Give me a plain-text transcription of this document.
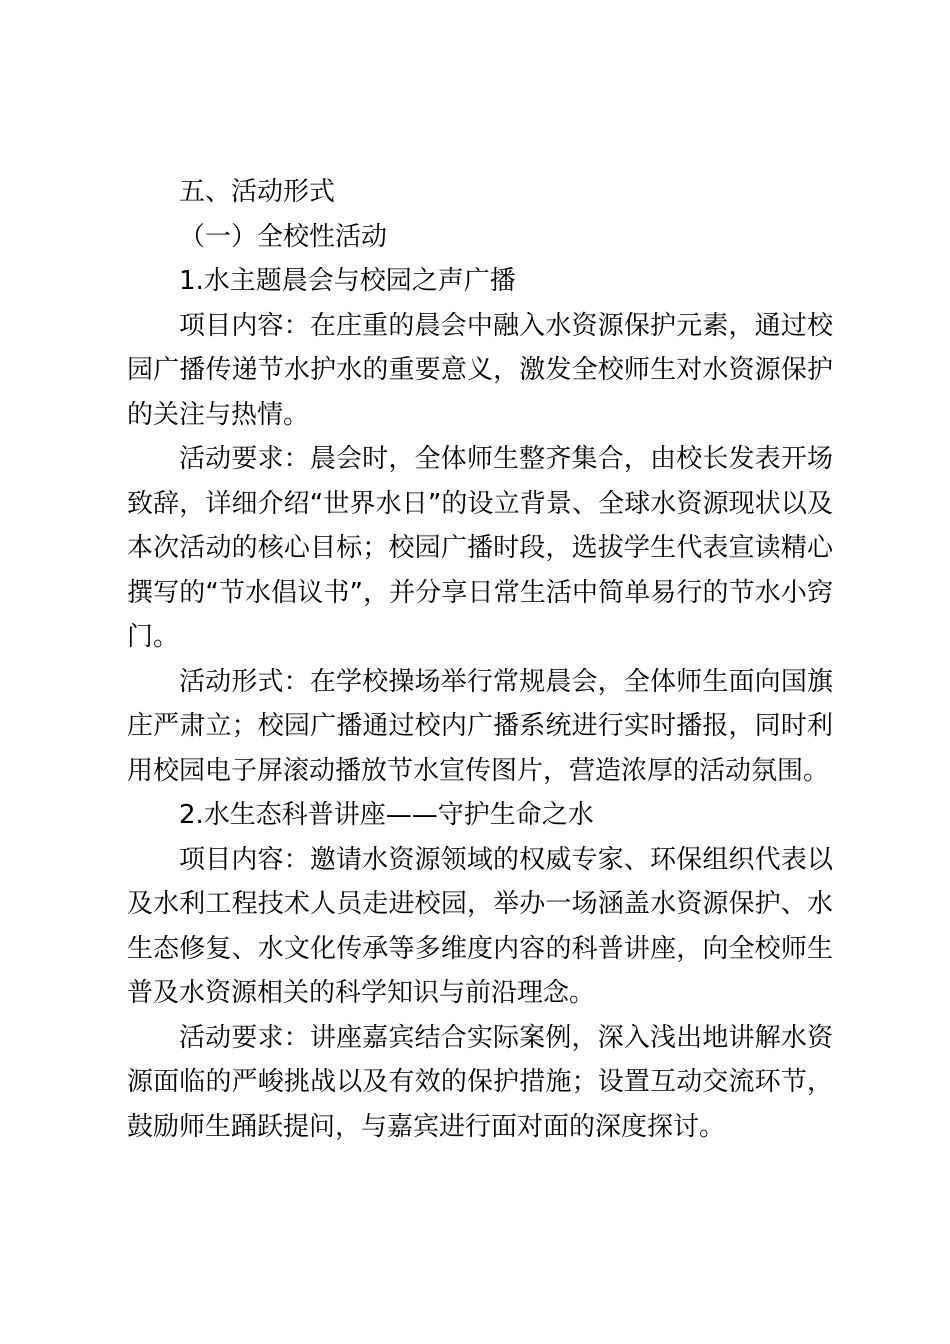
五、活动形式

（一）全校性活动

1.水主题晨会与校园之声广播

项目内容：在庄重的晨会中融入水资源保护元素，通过校园广播传递节水护水的重要意义，激发全校师生对水资源保护的关注与热情。

活动要求：晨会时，全体师生整齐集合，由校长发表开场致辞，详细介绍“世界水日”的设立背景、全球水资源现状以及本次活动的核心目标；校园广播时段，选拔学生代表宣读精心撰写的“节水倡议书”，并分享日常生活中简单易行的节水小窍门。

活动形式：在学校操场举行常规晨会，全体师生面向国旗庄严肃立；校园广播通过校内广播系统进行实时播报，同时利用校园电子屏滚动播放节水宣传图片，营造浓厚的活动氛围。

2.水生态科普讲座——守护生命之水

项目内容：邀请水资源领域的权威专家、环保组织代表以及水利工程技术人员走进校园，举办一场涵盖水资源保护、水生态修复、水文化传承等多维度内容的科普讲座，向全校师生普及水资源相关的科学知识与前沿理念。

活动要求：讲座嘉宾结合实际案例，深入浅出地讲解水资源面临的严峻挑战以及有效的保护措施；设置互动交流环节，鼓励师生踊跃提问，与嘉宾进行面对面的深度探讨。
